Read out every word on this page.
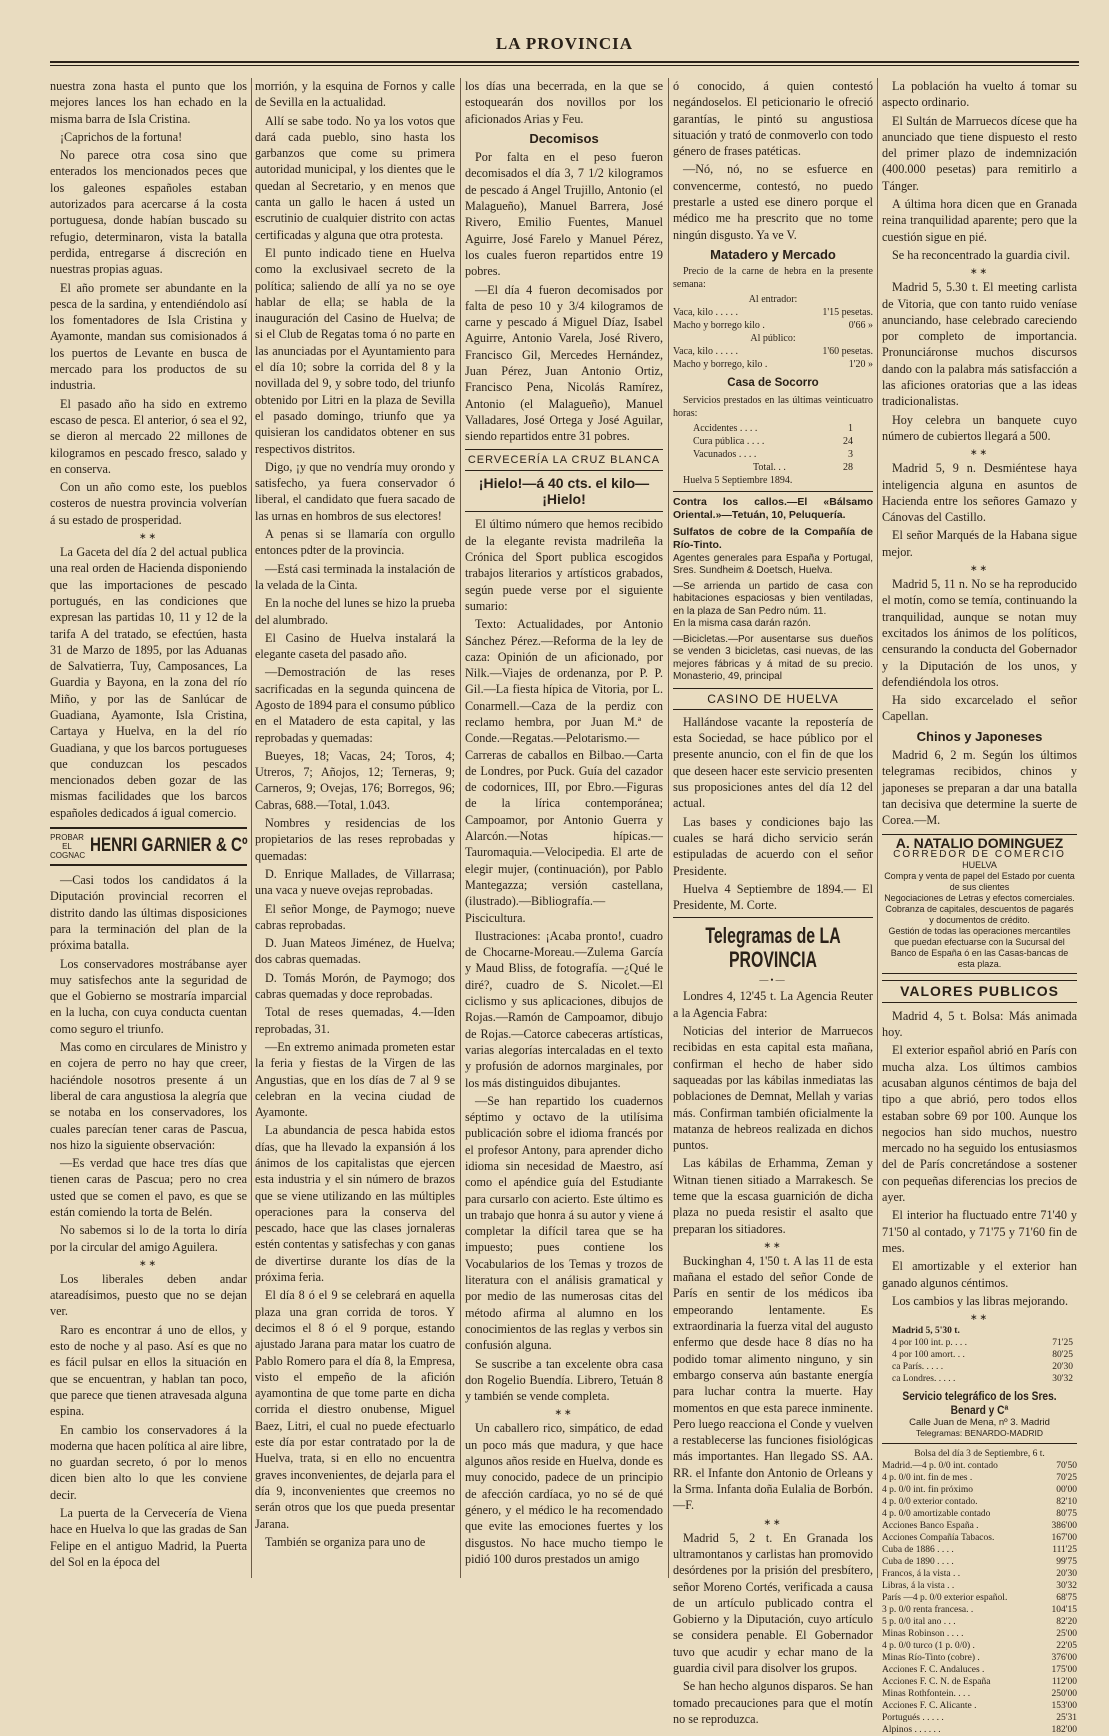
LA PROVINCIA

nuestra zona hasta el punto que los mejores lances los han echado en la misma barra de Isla Cristina.

¡Caprichos de la fortuna!

No parece otra cosa sino que enterados los mencionados peces que los galeones españoles estaban autorizados para acercarse á la costa portuguesa, donde habían buscado su refugio, determinaron, vista la batalla perdida, entregarse á discreción en nuestras propias aguas.

El año promete ser abundante en la pesca de la sardina, y entendiéndolo así los fomentadores de Isla Cristina y Ayamonte, mandan sus comisionados á los puertos de Levante en busca de mercado para los productos de su industria.

El pasado año ha sido en extremo escaso de pesca. El anterior, ó sea el 92, se dieron al mercado 22 millones de kilogramos en pescado fresco, salado y en conserva.

Con un año como este, los pueblos costeros de nuestra provincia volverían á su estado de prosperidad.

∗∗

La Gaceta del día 2 del actual publica una real orden de Hacienda disponiendo que las importaciones de pescado portugués, en las condiciones que expresan las partidas 10, 11 y 12 de la tarifa A del tratado, se efectúen, hasta 31 de Marzo de 1895, por las Aduanas de Salvatierra, Tuy, Camposances, La Guardia y Bayona, en la zona del río Miño, y por las de Sanlúcar de Guadiana, Ayamonte, Isla Cristina, Cartaya y Huelva, en la del río Guadiana, y que los barcos portugueses que conduzcan los pescados mencionados deben gozar de las mismas facilidades que los barcos españoles dedicados á igual comercio.

PROBAR EL COGNAC HENRI GARNIER & Cº

—Casi todos los candidatos á la Diputación provincial recorren el distrito dando las últimas disposiciones para la terminación del plan de la próxima batalla.

Los conservadores mostrábanse ayer muy satisfechos ante la seguridad de que el Gobierno se mostraría imparcial en la lucha, con cuya conducta cuentan como seguro el triunfo.

Mas como en circulares de Ministro y en cojera de perro no hay que creer, haciéndole nosotros presente á un liberal de cara angustiosa la alegría que se notaba en los conservadores, los cuales parecían tener caras de Pascua, nos hizo la siguiente observación:

—Es verdad que hace tres días que tienen caras de Pascua; pero no crea usted que se comen el pavo, es que se están comiendo la torta de Belén.

No sabemos si lo de la torta lo diría por la circular del amigo Aguilera.

∗∗

Los liberales deben andar atareadísimos, puesto que no se dejan ver.

Raro es encontrar á uno de ellos, y esto de noche y al paso. Así es que no es fácil pulsar en ellos la situación en que se encuentran, y hablan tan poco, que parece que tienen atravesada alguna espina.

En cambio los conservadores á la moderna que hacen política al aire libre, no guardan secreto, ó por lo menos dicen bien alto lo que les conviene decir.

La puerta de la Cervecería de Viena hace en Huelva lo que las gradas de San Felipe en el antiguo Madrid, la Puerta del Sol en la época del

morrión, y la esquina de Fornos y calle de Sevilla en la actualidad.

Allí se sabe todo. No ya los votos que dará cada pueblo, sino hasta los garbanzos que come su primera autoridad municipal, y los dientes que le quedan al Secretario, y en menos que canta un gallo le hacen á usted un escrutinio de cualquier distrito con actas certificadas y alguna que otra protesta.

El punto indicado tiene en Huelva como la exclusivael secreto de la política; saliendo de allí ya no se oye hablar de ella; se habla de la inauguración del Casino de Huelva; de si el Club de Regatas toma ó no parte en las anunciadas por el Ayuntamiento para el día 10; sobre la corrida del 8 y la novillada del 9, y sobre todo, del triunfo obtenido por Litri en la plaza de Sevilla el pasado domingo, triunfo que ya quisieran los candidatos obtener en sus respectivos distritos.

Digo, ¡y que no vendría muy orondo y satisfecho, ya fuera conservador ó liberal, el candidato que fuera sacado de las urnas en hombros de sus electores!

A penas si se llamaría con orgullo entonces pdter de la provincia.

—Está casi terminada la instalación de la velada de la Cinta.

En la noche del lunes se hizo la prueba del alumbrado.

El Casino de Huelva instalará la elegante caseta del pasado año.

—Demostración de las reses sacrificadas en la segunda quincena de Agosto de 1894 para el consumo público en el Matadero de esta capital, y las reprobadas y quemadas:

Bueyes, 18; Vacas, 24; Toros, 4; Utreros, 7; Añojos, 12; Terneras, 9; Carneros, 9; Ovejas, 176; Borregos, 96; Cabras, 688.—Total, 1.043.

Nombres y residencias de los propietarios de las reses reprobadas y quemadas:

D. Enrique Mallades, de Villarrasa; una vaca y nueve ovejas reprobadas.

El señor Monge, de Paymogo; nueve cabras reprobadas.

D. Juan Mateos Jiménez, de Huelva; dos cabras quemadas.

D. Tomás Morón, de Paymogo; dos cabras quemadas y doce reprobadas.

Total de reses quemadas, 4.—Iden reprobadas, 31.

—En extremo animada prometen estar la feria y fiestas de la Virgen de las Angustias, que en los días de 7 al 9 se celebran en la vecina ciudad de Ayamonte.

La abundancia de pesca habida estos días, que ha llevado la expansión á los ánimos de los capitalistas que ejercen esta industria y el sin número de brazos que se viene utilizando en las múltiples operaciones para la conserva del pescado, hace que las clases jornaleras estén contentas y satisfechas y con ganas de divertirse durante los días de la próxima feria.

El día 8 ó el 9 se celebrará en aquella plaza una gran corrida de toros. Y decimos el 8 ó el 9 porque, estando ajustado Jarana para matar los cuatro de Pablo Romero para el día 8, la Empresa, visto el empeño de la afición ayamontina de que tome parte en dicha corrida el diestro onubense, Miguel Baez, Litri, el cual no puede efectuarlo este día por estar contratado por la de Huelva, trata, si en ello no encuentra graves inconvenientes, de dejarla para el día 9, inconvenientes que creemos no serán otros que los que pueda presentar Jarana.

También se organiza para uno de

los días una becerrada, en la que se estoquearán dos novillos por los aficionados Arias y Feu.

Decomisos

Por falta en el peso fueron decomisados el día 3, 7 1/2 kilogramos de pescado á Angel Trujillo, Antonio (el Malagueño), Manuel Barrera, José Rivero, Emilio Fuentes, Manuel Aguirre, José Farelo y Manuel Pérez, los cuales fueron repartidos entre 19 pobres.

—El día 4 fueron decomisados por falta de peso 10 y 3/4 kilogramos de carne y pescado á Miguel Díaz, Isabel Aguirre, Antonio Varela, José Rivero, Francisco Gil, Mercedes Hernández, Juan Pérez, Juan Antonio Ortiz, Francisco Pena, Nicolás Ramírez, Antonio (el Malagueño), Manuel Valladares, José Ortega y José Aguilar, siendo repartidos entre 31 pobres.

CERVECERÍA LA CRUZ BLANCA
¡Hielo!—á 40 cts. el kilo—¡Hielo!

El último número que hemos recibido de la elegante revista madrileña la Crónica del Sport publica escogidos trabajos literarios y artísticos grabados, según puede verse por el siguiente sumario:

Texto: Actualidades, por Antonio Sánchez Pérez.—Reforma de la ley de caza: Opinión de un aficionado, por Nilk.—Viajes de ordenanza, por P. P. Gil.—La fiesta hípica de Vitoria, por L. Conarmell.—Caza de la perdiz con reclamo hembra, por Juan M.ª de Conde.—Regatas.—Pelotarismo.—Carreras de caballos en Bilbao.—Carta de Londres, por Puck. Guía del cazador de codornices, III, por Ebro.—Figuras de la lírica contemporánea; Campoamor, por Antonio Guerra y Alarcón.—Notas hípicas.—Tauromaquia.—Velocipedia. El arte de elegir mujer, (continuación), por Pablo Mantegazza; versión castellana, (ilustrado).—Bibliografía.—Piscicultura.

Ilustraciones: ¡Acaba pronto!, cuadro de Chocarne-Moreau.—Zulema García y Maud Bliss, de fotografía. —¿Qué le diré?, cuadro de S. Nicolet.—El ciclismo y sus aplicaciones, dibujos de Rojas.—Ramón de Campoamor, dibujo de Rojas.—Catorce cabeceras artísticas, varias alegorías intercaladas en el texto y profusión de adornos marginales, por los más distinguidos dibujantes.

—Se han repartido los cuadernos séptimo y octavo de la utilísima publicación sobre el idioma francés por el profesor Antony, para aprender dicho idioma sin necesidad de Maestro, así como el apéndice guía del Estudiante para cursarlo con acierto. Este último es un trabajo que honra á su autor y viene á completar la difícil tarea que se ha impuesto; pues contiene los Vocabularios de los Temas y trozos de literatura con el análisis gramatical y por medio de las numerosas citas del método afirma al alumno en los conocimientos de las reglas y verbos sin confusión alguna.

Se suscribe a tan excelente obra casa don Rogelio Buendía. Librero, Tetuán 8 y también se vende completa.

∗∗

Un caballero rico, simpático, de edad un poco más que madura, y que hace algunos años reside en Huelva, donde es muy conocido, padece de un principio de afección cardíaca, yo no sé de qué género, y el médico le ha recomendado que evite las emociones fuertes y los disgustos. No hace mucho tiempo le pidió 100 duros prestados un amigo

ó conocido, á quien contestó negándoselos. El peticionario le ofreció garantías, le pintó su angustiosa situación y trató de conmoverlo con todo género de frases patéticas.

—Nó, nó, no se esfuerce en convencerme, contestó, no puedo prestarle a usted ese dinero porque el médico me ha prescrito que no tome ningún disgusto. Ya ve V.

Matadero y Mercado

Precio de la carne de hebra en la presente semana:

Al entrador:
Vaca, kilo . . . . .	1'15 pesetas.
Macho y borrego kilo .	0'66 »
Al público:
Vaca, kilo . . . . .	1'60 pesetas.
Macho y borrego, kilo .	1'20 »
Casa de Socorro

Servicios prestados en las últimas veinticuatro horas:

Accidentes . . . .	1
Cura pública . . . .	24
Vacunados . . . .	3
Total. . .	28

Huelva 5 Septiembre 1894.

Contra los callos.—El «Bálsamo Oriental.»—Tetuán, 10, Peluquería.
Sulfatos de cobre de la Compañía de Río-Tinto.
Agentes generales para España y Portugal, Sres. Sundheim & Doetsch, Huelva.
—Se arrienda un partido de casa con habitaciones espaciosas y bien ventiladas, en la plaza de San Pedro núm. 11.
En la misma casa darán razón.
—Bicicletas.—Por ausentarse sus dueños se venden 3 bicicletas, casi nuevas, de las mejores fábricas y á mitad de su precio. Monasterio, 49, principal
CASINO DE HUELVA

Hallándose vacante la repostería de esta Sociedad, se hace público por el presente anuncio, con el fin de que los que deseen hacer este servicio presenten sus proposiciones antes del día 12 del actual.

Las bases y condiciones bajo las cuales se hará dicho servicio serán estipuladas de acuerdo con el señor Presidente.

Huelva 4 Septiembre de 1894.— El Presidente, M. Corte.

Telegramas de LA PROVINCIA
—•—

Londres 4, 12'45 t. La Agencia Reuter a la Agencia Fabra:

Noticias del interior de Marruecos recibidas en esta capital esta mañana, confirman el hecho de haber sido saqueadas por las kábilas inmediatas las poblaciones de Demnat, Mellah y varias más. Confirman también oficialmente la matanza de hebreos realizada en dichos puntos.

Las kábilas de Erhamma, Zeman y Witnan tienen sitiado a Marrakesch. Se teme que la escasa guarnición de dicha plaza no pueda resistir el asalto que preparan los sitiadores.

∗∗

Buckinghan 4, 1'50 t. A las 11 de esta mañana el estado del señor Conde de París en sentir de los médicos iba empeorando lentamente. Es extraordinaria la fuerza vital del augusto enfermo que desde hace 8 días no ha podido tomar alimento ninguno, y sin embargo conserva aún bastante energía para luchar contra la muerte. Hay momentos en que esta parece inminente. Pero luego reacciona el Conde y vuelven a restablecerse las funciones fisiológicas más importantes. Han llegado SS. AA. RR. el Infante don Antonio de Orleans y la Srma. Infanta doña Eulalia de Borbón.—F.

∗∗

Madrid 5, 2 t. En Granada los ultramontanos y carlistas han promovido desórdenes por la prisión del presbítero, señor Moreno Cortés, verificada a causa de un artículo publicado contra el Gobierno y la Diputación, cuyo artículo se considera penable. El Gobernador tuvo que acudir y echar mano de la guardia civil para disolver los grupos.

Se han hecho algunos disparos. Se han tomado precauciones para que el motín no se reproduzca.

La población ha vuelto á tomar su aspecto ordinario.

El Sultán de Marruecos dícese que ha anunciado que tiene dispuesto el resto del primer plazo de indemnización (400.000 pesetas) para remitirlo a Tánger.

A última hora dicen que en Granada reina tranquilidad aparente; pero que la cuestión sigue en pié.

Se ha reconcentrado la guardia civil.

∗∗

Madrid 5, 5.30 t. El meeting carlista de Vitoria, que con tanto ruido veníase anunciando, hase celebrado careciendo por completo de importancia. Pronunciáronse muchos discursos dando con la palabra más satisfacción a las aficiones oratorias que a las ideas tradicionalistas.

Hoy celebra un banquete cuyo número de cubiertos llegará a 500.

∗∗

Madrid 5, 9 n. Desmiéntese haya inteligencia alguna en asuntos de Hacienda entre los señores Gamazo y Cánovas del Castillo.

El señor Marqués de la Habana sigue mejor.

∗∗

Madrid 5, 11 n. No se ha reproducido el motín, como se temía, continuando la tranquilidad, aunque se notan muy excitados los ánimos de los políticos, censurando la conducta del Gobernador y la Diputación de los unos, y defendiéndola los otros.

Ha sido excarcelado el señor Capellan.

Chinos y Japoneses

Madrid 6, 2 m. Según los últimos telegramas recibidos, chinos y japoneses se preparan a dar una batalla tan decisiva que determine la suerte de Corea.—M.

A. NATALIO DOMINGUEZ
CORREDOR DE COMERCIO
HUELVA
Compra y venta de papel del Estado por cuenta de sus clientes
Negociaciones de Letras y efectos comerciales.
Cobranza de capitales, descuentos de pagarés y documentos de crédito.
Gestión de todas las operaciones mercantiles que puedan efectuarse con la Sucursal del Banco de España ó en las Casas-bancas de esta plaza.
VALORES PUBLICOS

Madrid 4, 5 t. Bolsa: Más animada hoy.

El exterior español abrió en París con mucha alza. Los últimos cambios acusaban algunos céntimos de baja del tipo a que abrió, pero todos ellos estaban sobre 69 por 100. Aunque los negocios han sido muchos, nuestro mercado no ha seguido los entusiasmos del de París concretándose a sostener con pequeñas diferencias los precios de ayer.

El interior ha fluctuado entre 71'40 y 71'50 al contado, y 71'75 y 71'60 fin de mes.

El amortizable y el exterior han ganado algunos céntimos.

Los cambios y las libras mejorando.

∗∗
Madrid 5, 5'30 t.
4 por 100 int. p. . . .	71'25
4 por 100 amort. . .	80'25
ca París. . . . .	20'30
ca Londres. . . . .	30'32
Servicio telegráfico de los Sres. Benard y Cª
Calle Juan de Mena, nº 3. Madrid
Telegramas: BENARDO-MADRID
Bolsa del día 3 de Septiembre, 6 t.
Madrid.—4 p. 0/0 int. contado	70'50
4 p. 0/0 int. fin de mes .	70'25
4 p. 0/0 int. fin próximo	00'00
4 p. 0/0 exterior contado.	82'10
4 p. 0/0 amortizable contado	80'75
Acciones Banco España .	386'00
Acciones Compañía Tabacos.	167'00
Cuba de 1886 . . . .	111'25
Cuba de 1890 . . . .	99'75
Francos, á la vista . .	20'30
Libras, á la vista . .	30'32
París —4 p. 0/0 exterior español.	68'75
3 p. 0/0 renta francesa. .	104'15
5 p. 0/0 ital ano . . .	82'20
Minas Robinson . . . .	25'00
4 p. 0/0 turco (1 p. 0/0) .	22'05
Minas Río-Tinto (cobre) .	376'00
Acciones F. C. Andaluces .	175'00
Acciones F. C. N. de España	112'00
Minas Rothfontein. . . .	250'00
Acciones F. C. Alicante .	153'00
Portugués . . . . .	25'31
Alpinos . . . . . .	182'00
